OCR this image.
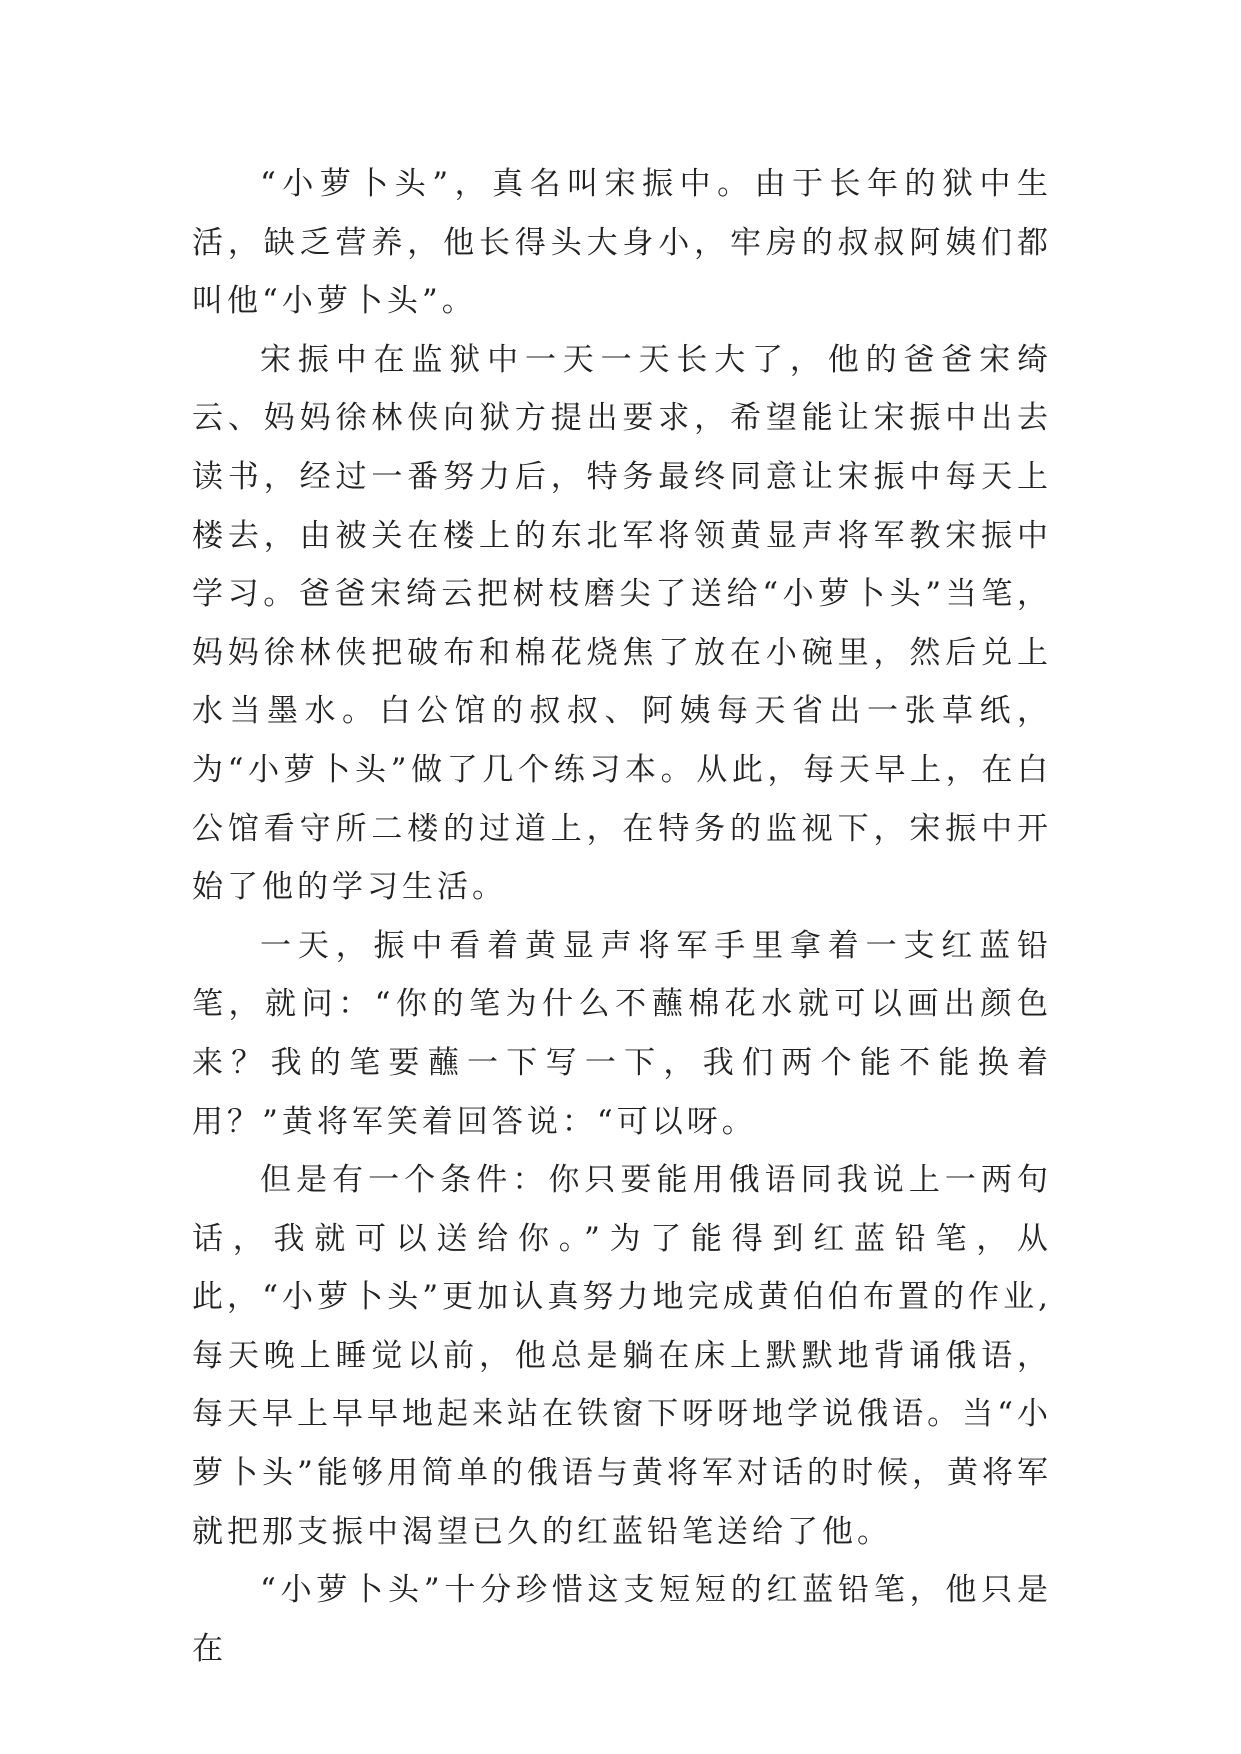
“小萝卜头”，真名叫宋振中。由于长年的狱中生活，缺乏营养，他长得头大身小，牢房的叔叔阿姨们都叫他“小萝卜头”。

宋振中在监狱中一天一天长大了，他的爸爸宋绮云、妈妈徐林侠向狱方提出要求，希望能让宋振中出去读书，经过一番努力后，特务最终同意让宋振中每天上楼去，由被关在楼上的东北军将领黄显声将军教宋振中学习。爸爸宋绮云把树枝磨尖了送给“小萝卜头”当笔，妈妈徐林侠把破布和棉花烧焦了放在小碗里，然后兑上水当墨水。白公馆的叔叔、阿姨每天省出一张草纸，为“小萝卜头”做了几个练习本。从此，每天早上，在白公馆看守所二楼的过道上，在特务的监视下，宋振中开始了他的学习生活。

一天，振中看着黄显声将军手里拿着一支红蓝铅笔，就问：“你的笔为什么不蘸棉花水就可以画出颜色来？我的笔要蘸一下写一下，我们两个能不能换着用？”黄将军笑着回答说：“可以呀。

但是有一个条件：你只要能用俄语同我说上一两句话，我就可以送给你。”为了能得到红蓝铅笔，从此，“小萝卜头”更加认真努力地完成黄伯伯布置的作业,每天晚上睡觉以前，他总是躺在床上默默地背诵俄语，每天早上早早地起来站在铁窗下呀呀地学说俄语。当“小萝卜头”能够用简单的俄语与黄将军对话的时候，黄将军就把那支振中渴望已久的红蓝铅笔送给了他。

“小萝卜头”十分珍惜这支短短的红蓝铅笔，他只是在
